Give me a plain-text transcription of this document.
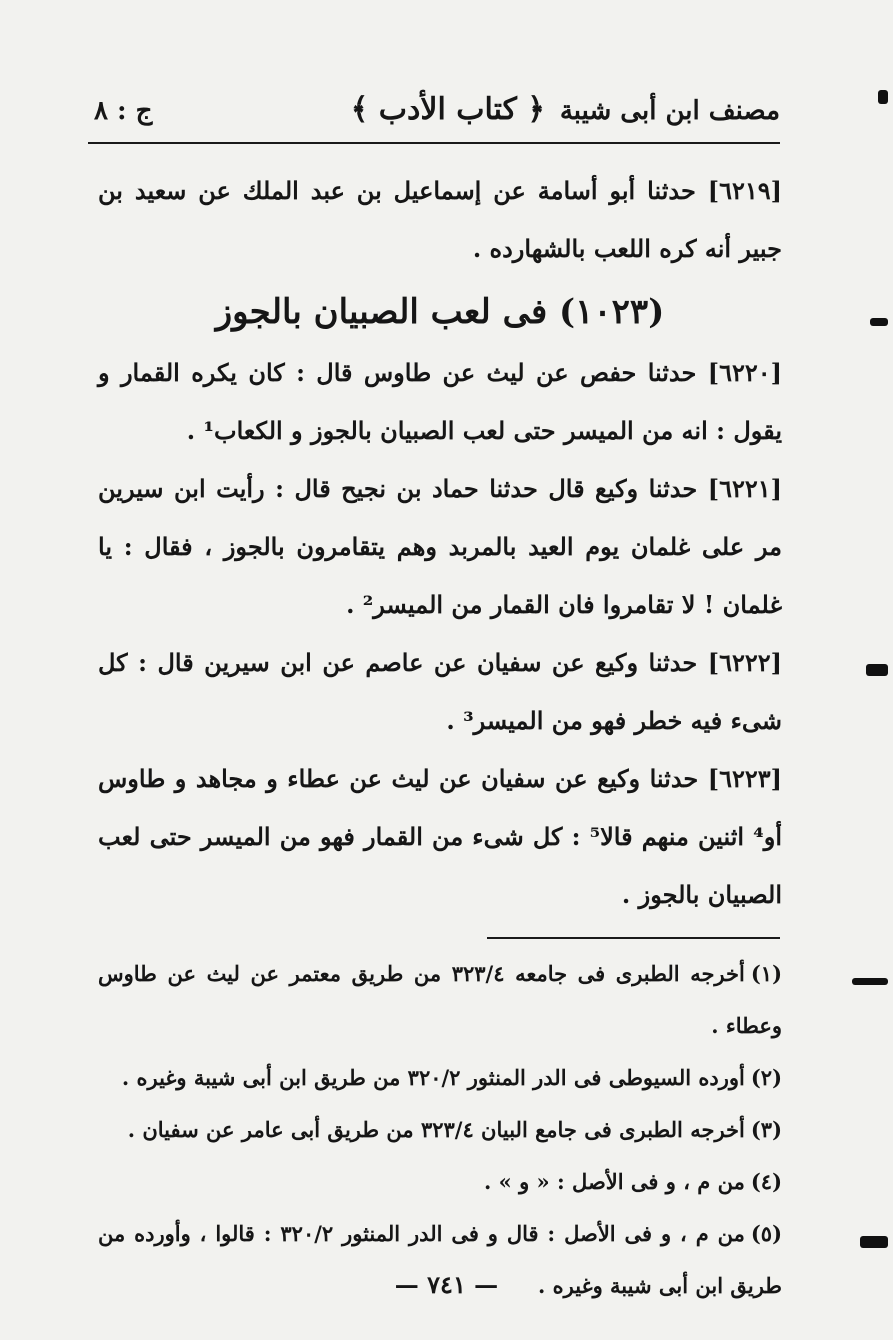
مصنف ابن أبى شيبة
﴿ كتاب الأدب ﴾
ج : ٨

[٦٢١٩] حدثنا أبو أسامة عن إسماعيل بن عبد الملك عن سعيد بن جبير أنه كره اللعب بالشهارده .

(١٠٢٣) فى لعب الصبيان بالجوز

[٦٢٢٠] حدثنا حفص عن ليث عن طاوس قال : كان يكره القمار و يقول : انه من الميسر حتى لعب الصبيان بالجوز و الكعاب¹ .

[٦٢٢١] حدثنا وكيع قال حدثنا حماد بن نجيح قال : رأيت ابن سيرين مر على غلمان يوم العيد بالمربد وهم يتقامرون بالجوز ، فقال : يا غلمان ! لا تقامروا فان القمار من الميسر² .

[٦٢٢٢] حدثنا وكيع عن سفيان عن عاصم عن ابن سيرين قال : كل شىء فيه خطر فهو من الميسر³ .

[٦٢٢٣] حدثنا وكيع عن سفيان عن ليث عن عطاء و مجاهد و طاوس أو⁴ اثنين منهم قالا⁵ : كل شىء من القمار فهو من الميسر حتى لعب الصبيان بالجوز .

(١)أخرجه الطبرى فى جامعه ٣٢٣/٤ من طريق معتمر عن ليث عن طاوس وعطاء .

(٢)أورده السيوطى فى الدر المنثور ٣٢٠/٢ من طريق ابن أبى شيبة وغيره .

(٣)أخرجه الطبرى فى جامع البيان ٣٢٣/٤ من طريق أبى عامر عن سفيان .

(٤)من م ، و فى الأصل : « و » .

(٥)من م ، و فى الأصل : قال و فى الدر المنثور ٣٢٠/٢ : قالوا ، وأورده من طريق ابن أبى شيبة وغيره .

— ٧٤١ —
